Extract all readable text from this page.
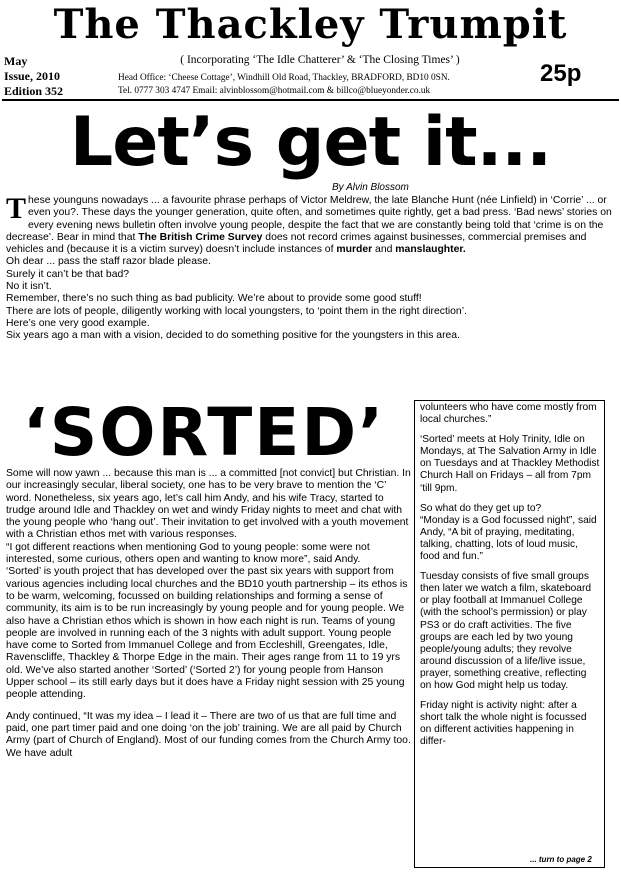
The Thackley Trumpit
May
Issue, 2010
Edition 352
( Incorporating ‘The Idle Chatterer’ & ‘The Closing Times’ )
Head Office: ‘Cheese Cottage’, Windhill Old Road, Thackley, BRADFORD, BD10 0SN.
Tel. 0777 303 4747 Email: alvinblossom@hotmail.com & billco@blueyonder.co.uk
25p
Let’s get it...
By Alvin Blossom

These younguns nowadays ... a favourite phrase perhaps of Victor Meldrew, the late Blanche Hunt (née Linfield) in ‘Corrie’ ... or even you?. These days the younger generation, quite often, and sometimes quite rightly, get a bad press. ‘Bad news’ stories on every evening news bulletin often involve young people, despite the fact that we are constantly being told that ‘crime is on the decrease’. Bear in mind that The British Crime Survey does not record crimes against businesses, commercial premises and vehicles and (because it is a victim survey) doesn’t include instances of murder and manslaughter.

Oh dear ... pass the staff razor blade please.

Surely it can’t be that bad?

No it isn’t.

Remember, there’s no such thing as bad publicity. We’re about to provide some good stuff!

There are lots of people, diligently working with local youngsters, to ‘point them in the right direction’.

Here’s one very good example.

Six years ago a man with a vision, decided to do something positive for the youngsters in this area.

‘SORTED’

Some will now yawn ... because this man is ... a committed [not convict] but Christian. In our increasingly secular, liberal society, one has to be very brave to mention the ‘C’ word. Nonetheless, six years ago, let’s call him Andy, and his wife Tracy, started to trudge around Idle and Thackley on wet and windy Friday nights to meet and chat with the young people who ‘hang out’. Their invitation to get involved with a youth movement with a Christian ethos met with various responses.

“I got different reactions when mentioning God to young people: some were not interested, some curious, others open and wanting to know more”, said Andy.

‘Sorted’ is youth project that has developed over the past six years with support from various agencies including local churches and the BD10 youth partnership – its ethos is to be warm, welcoming, focussed on building relationships and forming a sense of community, its aim is to be run increasingly by young people and for young people. We also have a Christian ethos which is shown in how each night is run. Teams of young people are involved in running each of the 3 nights with adult support. Young people have come to Sorted from Immanuel College and from Eccleshill, Greengates, Idle, Ravenscliffe, Thackley & Thorpe Edge in the main. Their ages range from 11 to 19 yrs old. We’ve also started another ‘Sorted’ (‘Sorted 2’) for young people from Hanson Upper school – its still early days but it does have a Friday night session with 25 young people attending.

Andy continued, “It was my idea – I lead it – There are two of us that are full time and paid, one part timer paid and one doing ‘on the job’ training. We are all paid by Church Army (part of Church of England). Most of our funding comes from the Church Army too. We have adult

volunteers who have come mostly from local churches.”

‘Sorted’ meets at Holy Trinity, Idle on Mondays, at The Salvation Army in Idle on Tuesdays and at Thackley Methodist Church Hall on Fridays – all from 7pm ‘till 9pm.

So what do they get up to?

“Monday is a God focussed night”, said Andy, “A bit of praying, meditating, talking, chatting, lots of loud music, food and fun.”

Tuesday consists of five small groups then later we watch a film, skateboard or play football at Immanuel College (with the school’s permission) or play PS3 or do craft activities. The five groups are each led by two young people/young adults; they revolve around discussion of a life/live issue, prayer, something creative, reflecting on how God might help us today.

Friday night is activity night: after a short talk the whole night is focussed on different activities happening in differ-

... turn to page 2
